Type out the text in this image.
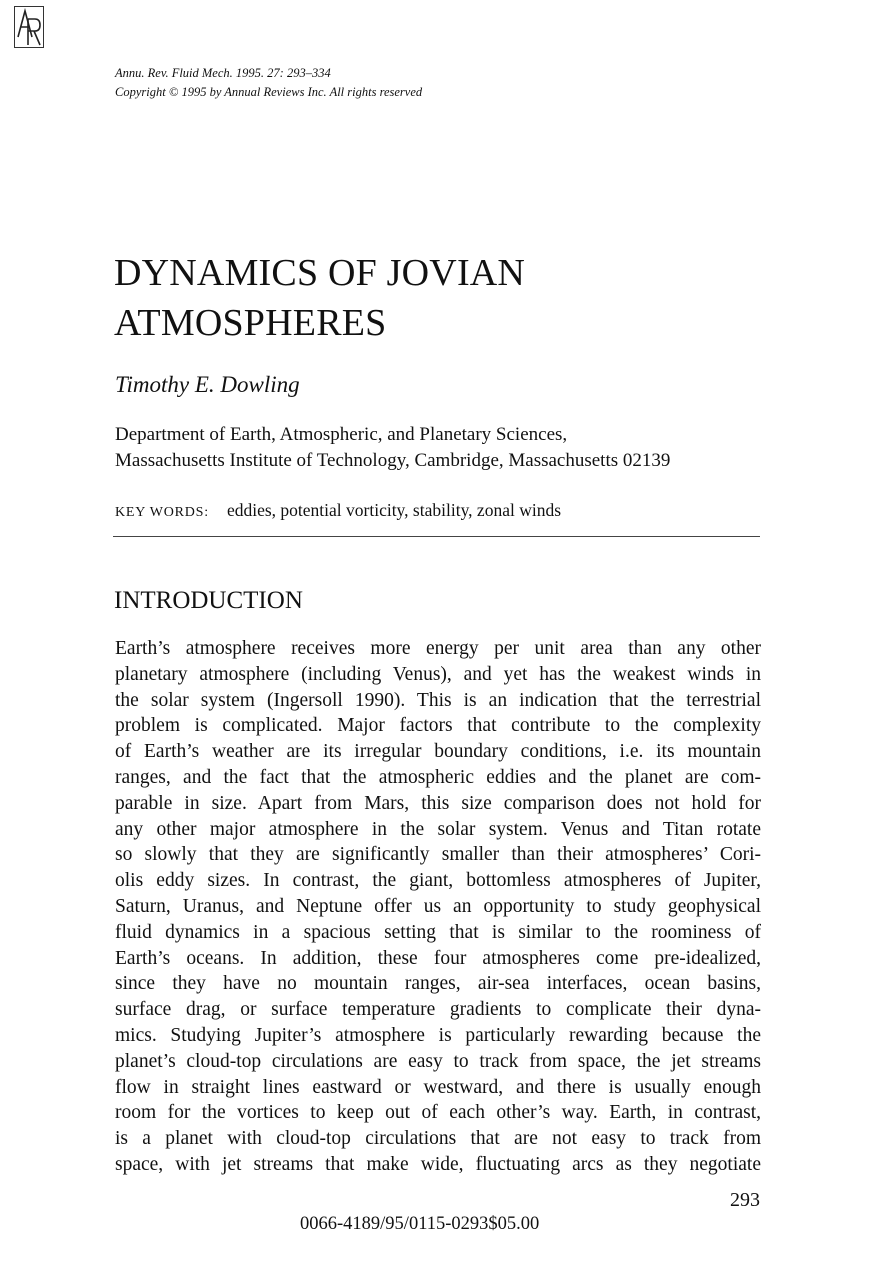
Annu. Rev. Fluid Mech. 1995. 27: 293–334
Copyright © 1995 by Annual Reviews Inc. All rights reserved
DYNAMICS OF JOVIAN
ATMOSPHERES
Timothy E. Dowling
Department of Earth, Atmospheric, and Planetary Sciences,
Massachusetts Institute of Technology, Cambridge, Massachusetts 02139
KEY WORDS: eddies, potential vorticity, stability, zonal winds
INTRODUCTION
Earth’s atmosphere receives more energy per unit area than any other
planetary atmosphere (including Venus), and yet has the weakest winds in
the solar system (Ingersoll 1990). This is an indication that the terrestrial
problem is complicated. Major factors that contribute to the complexity
of Earth’s weather are its irregular boundary conditions, i.e. its mountain
ranges, and the fact that the atmospheric eddies and the planet are com-
parable in size. Apart from Mars, this size comparison does not hold for
any other major atmosphere in the solar system. Venus and Titan rotate
so slowly that they are significantly smaller than their atmospheres’ Cori-
olis eddy sizes. In contrast, the giant, bottomless atmospheres of Jupiter,
Saturn, Uranus, and Neptune offer us an opportunity to study geophysical
fluid dynamics in a spacious setting that is similar to the roominess of
Earth’s oceans. In addition, these four atmospheres come pre-idealized,
since they have no mountain ranges, air-sea interfaces, ocean basins,
surface drag, or surface temperature gradients to complicate their dyna-
mics. Studying Jupiter’s atmosphere is particularly rewarding because the
planet’s cloud-top circulations are easy to track from space, the jet streams
flow in straight lines eastward or westward, and there is usually enough
room for the vortices to keep out of each other’s way. Earth, in contrast,
is a planet with cloud-top circulations that are not easy to track from
space, with jet streams that make wide, fluctuating arcs as they negotiate
293
0066-4189/95/0115-0293$05.00
